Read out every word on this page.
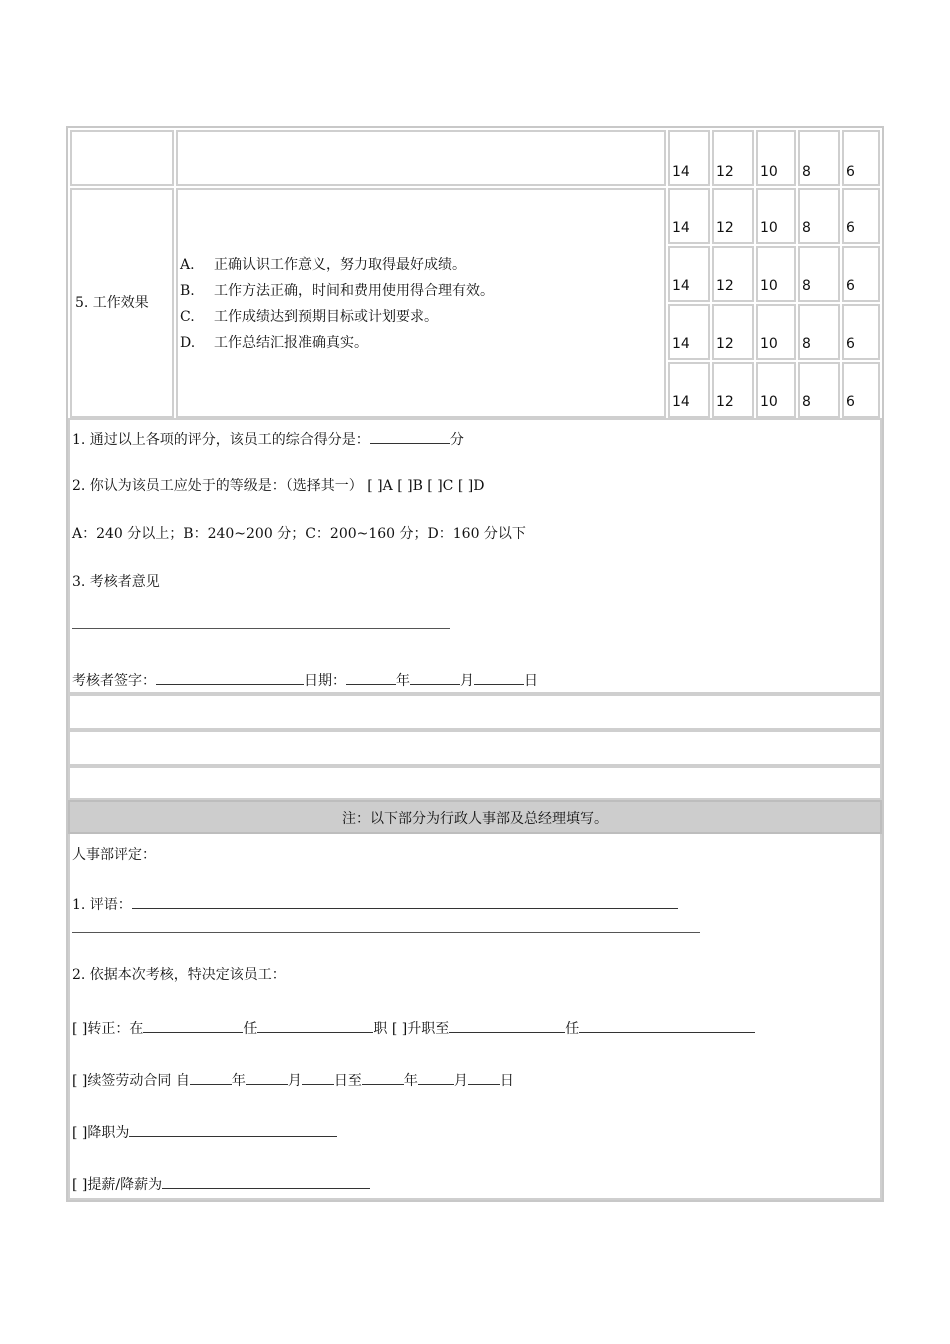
5. 工作效果
A. 正确认识工作意义，努力取得最好成绩。
B. 工作方法正确，时间和费用使用得合理有效。
C. 工作成绩达到预期目标或计划要求。
D. 工作总结汇报准确真实。
14 12 10 8	6
14 12 10 8	6
14 12 10 8	6
14 12 10 8	6
14 12 10 8	6
1. 通过以上各项的评分，该员工的综合得分是：	分
2. 你认为该员工应处于的等级是：（选择其一） [ ]A [ ]B [ ]C [ ]D
A：240 分以上；B：240~200 分；C：200~160 分；D：160 分以下
3. 考核者意见
考核者签字：	日期：	年	月	日
注：以下部分为行政人事部及总经理填写。
人事部评定：
1. 评语：
2. 依据本次考核，特决定该员工：
[ ]转正：在	任	职 [ ]升职至	任
[ ]续签劳动合同 自	年	月 日至	年	月 日
[ ]降职为
[ ]提薪/降薪为
